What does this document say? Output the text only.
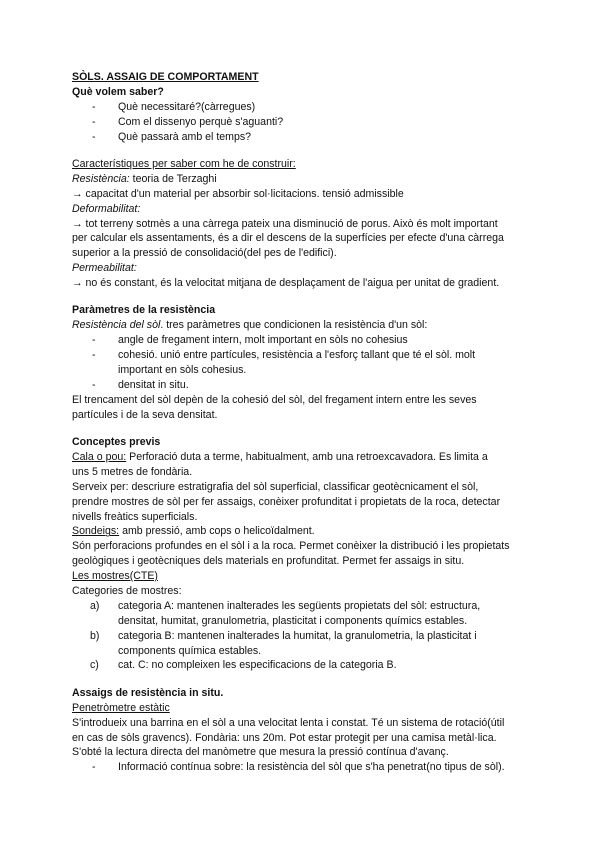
SÒLS. ASSAIG DE COMPORTAMENT
Què volem saber?
- Què necessitaré?(càrregues)
- Com el dissenyo perquè s'aguanti?
- Què passarà amb el temps?
Característiques per saber com he de construir:
Resistència: teoria de Terzaghi
→ capacitat d'un material per absorbir sol·licitacions. tensió admissible
Deformabilitat:
→ tot terreny sotmès a una càrrega pateix una disminució de porus. Això és molt important
per calcular els assentaments, és a dir el descens de la superfícies per efecte d'una càrrega
superior a la pressió de consolidació(del pes de l'edifici).
Permeabilitat:
→ no és constant, és la velocitat mitjana de desplaçament de l'aigua per unitat de gradient.
Paràmetres de la resistència
Resistència del sòl. tres paràmetres que condicionen la resistència d'un sòl:
- angle de fregament intern, molt important en sòls no cohesius
- cohesió. unió entre partícules, resistència a l'esforç tallant que té el sòl. molt
important en sòls cohesius.
- densitat in situ.
El trencament del sòl depèn de la cohesió del sòl, del fregament intern entre les seves
partícules i de la seva densitat.
Conceptes previs
Cala o pou: Perforació duta a terme, habitualment, amb una retroexcavadora. Es limita a
uns 5 metres de fondària.
Serveix per: descriure estratigrafia del sòl superficial, classificar geotècnicament el sòl,
prendre mostres de sòl per fer assaigs, conèixer profunditat i propietats de la roca, detectar
nivells freàtics superficials.
Sondeigs: amb pressió, amb cops o helicoïdalment.
Són perforacions profundes en el sòl i a la roca. Permet conèixer la distribució i les propietats
geològiques i geotècniques dels materials en profunditat. Permet fer assaigs in situ.
Les mostres(CTE)
Categories de mostres:
a) categoria A: mantenen inalterades les següents propietats del sòl: estructura,
densitat, humitat, granulometria, plasticitat i components químics estables.
b) categoria B: mantenen inalterades la humitat, la granulometria, la plasticitat i
components química estables.
c) cat. C: no compleixen les especificacions de la categoria B.
Assaigs de resistència in situ.
Penetròmetre estàtic
S'introdueix una barrina en el sòl a una velocitat lenta i constat. Té un sistema de rotació(útil
en cas de sòls gravencs). Fondària: uns 20m. Pot estar protegit per una camisa metàl·lica.
S'obté la lectura directa del manòmetre que mesura la pressió contínua d'avanç.
- Informació contínua sobre: la resistència del sòl que s'ha penetrat(no tipus de sòl).
